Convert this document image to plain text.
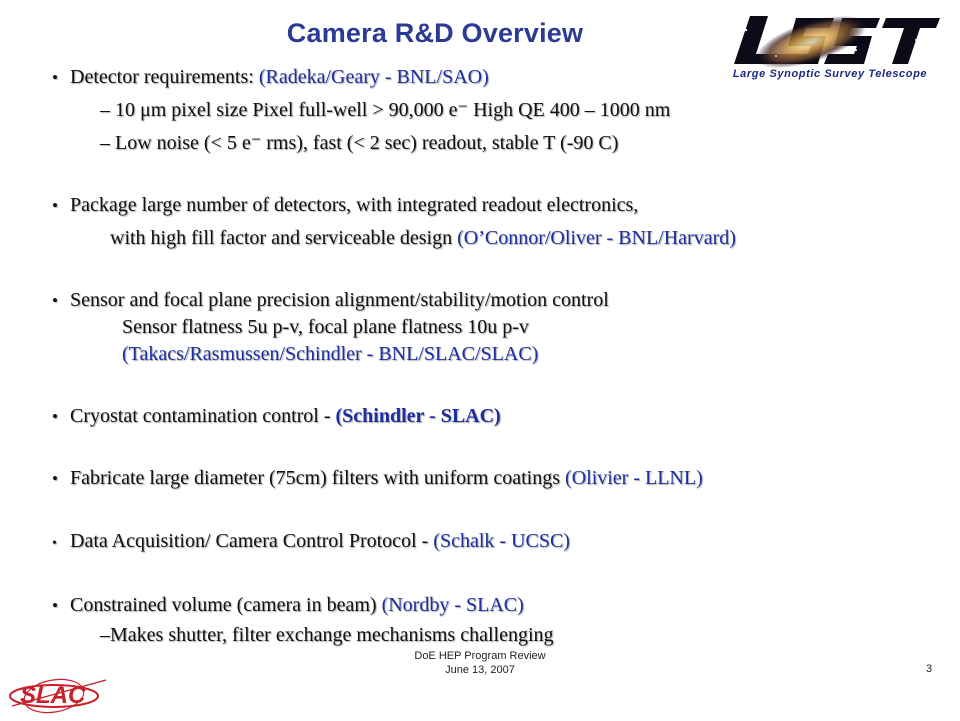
Camera R&D Overview
Large Synoptic Survey Telescope
• Detector requirements: (Radeka/Geary - BNL/SAO)
– 10 μm pixel size Pixel full-well > 90,000 e⁻ High QE 400 – 1000 nm
– Low noise (< 5 e⁻ rms), fast (< 2 sec) readout, stable T (-90 C)
• Package large number of detectors, with integrated readout electronics,
with high fill factor and serviceable design (O’Connor/Oliver - BNL/Harvard)
• Sensor and focal plane precision alignment/stability/motion control
Sensor flatness 5u p-v, focal plane flatness 10u p-v
(Takacs/Rasmussen/Schindler - BNL/SLAC/SLAC)
• Cryostat contamination control - (Schindler - SLAC)
• Fabricate large diameter (75cm) filters with uniform coatings (Olivier - LLNL)
• Data Acquisition/ Camera Control Protocol - (Schalk - UCSC)
• Constrained volume (camera in beam) (Nordby - SLAC)
–Makes shutter, filter exchange mechanisms challenging
DoE HEP Program Review
June 13, 2007	3
SLAC
